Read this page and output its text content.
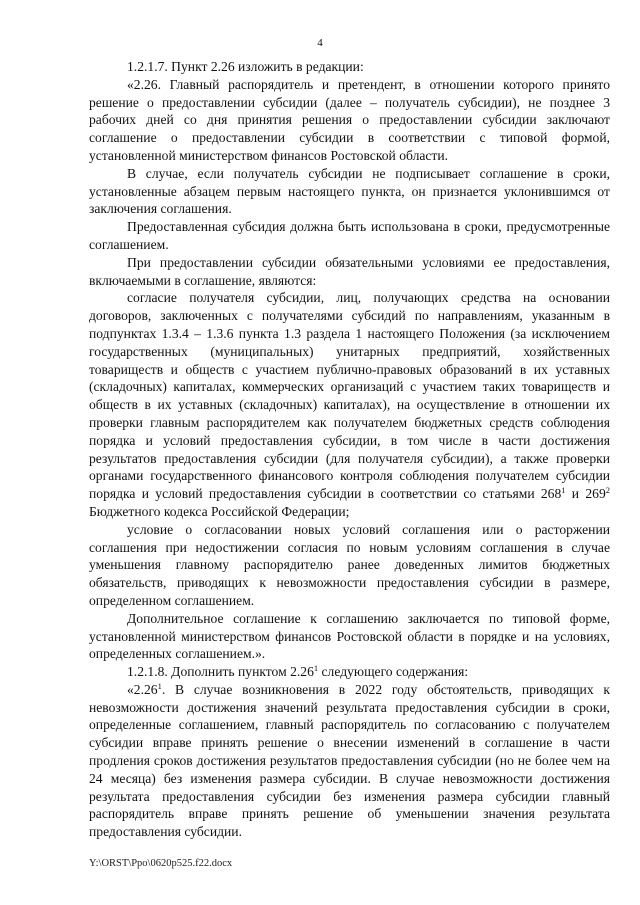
4

1.2.1.7. Пункт 2.26 изложить в редакции:

«2.26. Главный распорядитель и претендент, в отношении которого принято решение о предоставлении субсидии (далее – получатель субсидии), не позднее 3 рабочих дней со дня принятия решения о предоставлении субсидии заключают соглашение о предоставлении субсидии в соответствии с типовой формой, установленной министерством финансов Ростовской области.

В случае, если получатель субсидии не подписывает соглашение в сроки, установленные абзацем первым настоящего пункта, он признается уклонившимся от заключения соглашения.

Предоставленная субсидия должна быть использована в сроки, предусмотренные соглашением.

При предоставлении субсидии обязательными условиями ее предоставления, включаемыми в соглашение, являются:

согласие получателя субсидии, лиц, получающих средства на основании договоров, заключенных с получателями субсидий по направлениям, указанным в подпунктах 1.3.4 – 1.3.6 пункта 1.3 раздела 1 настоящего Положения (за исключением государственных (муниципальных) унитарных предприятий, хозяйственных товариществ и обществ с участием публично-правовых образований в их уставных (складочных) капиталах, коммерческих организаций с участием таких товариществ и обществ в их уставных (складочных) капиталах), на осуществление в отношении их проверки главным распорядителем как получателем бюджетных средств соблюдения порядка и условий предоставления субсидии, в том числе в части достижения результатов предоставления субсидии (для получателя субсидии), а также проверки органами государственного финансового контроля соблюдения получателем субсидии порядка и условий предоставления субсидии в соответствии со статьями $268^1$ и $269^2$ Бюджетного кодекса Российской Федерации;

условие о согласовании новых условий соглашения или о расторжении соглашения при недостижении согласия по новым условиям соглашения в случае уменьшения главному распорядителю ранее доведенных лимитов бюджетных обязательств, приводящих к невозможности предоставления субсидии в размере, определенном соглашением.

Дополнительное соглашение к соглашению заключается по типовой форме, установленной министерством финансов Ростовской области в порядке и на условиях, определенных соглашением.».

1.2.1.8. Дополнить пунктом 2.26$^1$ следующего содержания:

«2.26$^1$. В случае возникновения в 2022 году обстоятельств, приводящих к невозможности достижения значений результата предоставления субсидии в сроки, определенные соглашением, главный распорядитель по согласованию с получателем субсидии вправе принять решение о внесении изменений в соглашение в части продления сроков достижения результатов предоставления субсидии (но не более чем на 24 месяца) без изменения размера субсидии. В случае невозможности достижения результата предоставления субсидии без изменения размера субсидии главный распорядитель вправе принять решение об уменьшении значения результата предоставления субсидии.

Y:\ORST\Ppo\0620p525.f22.docx
